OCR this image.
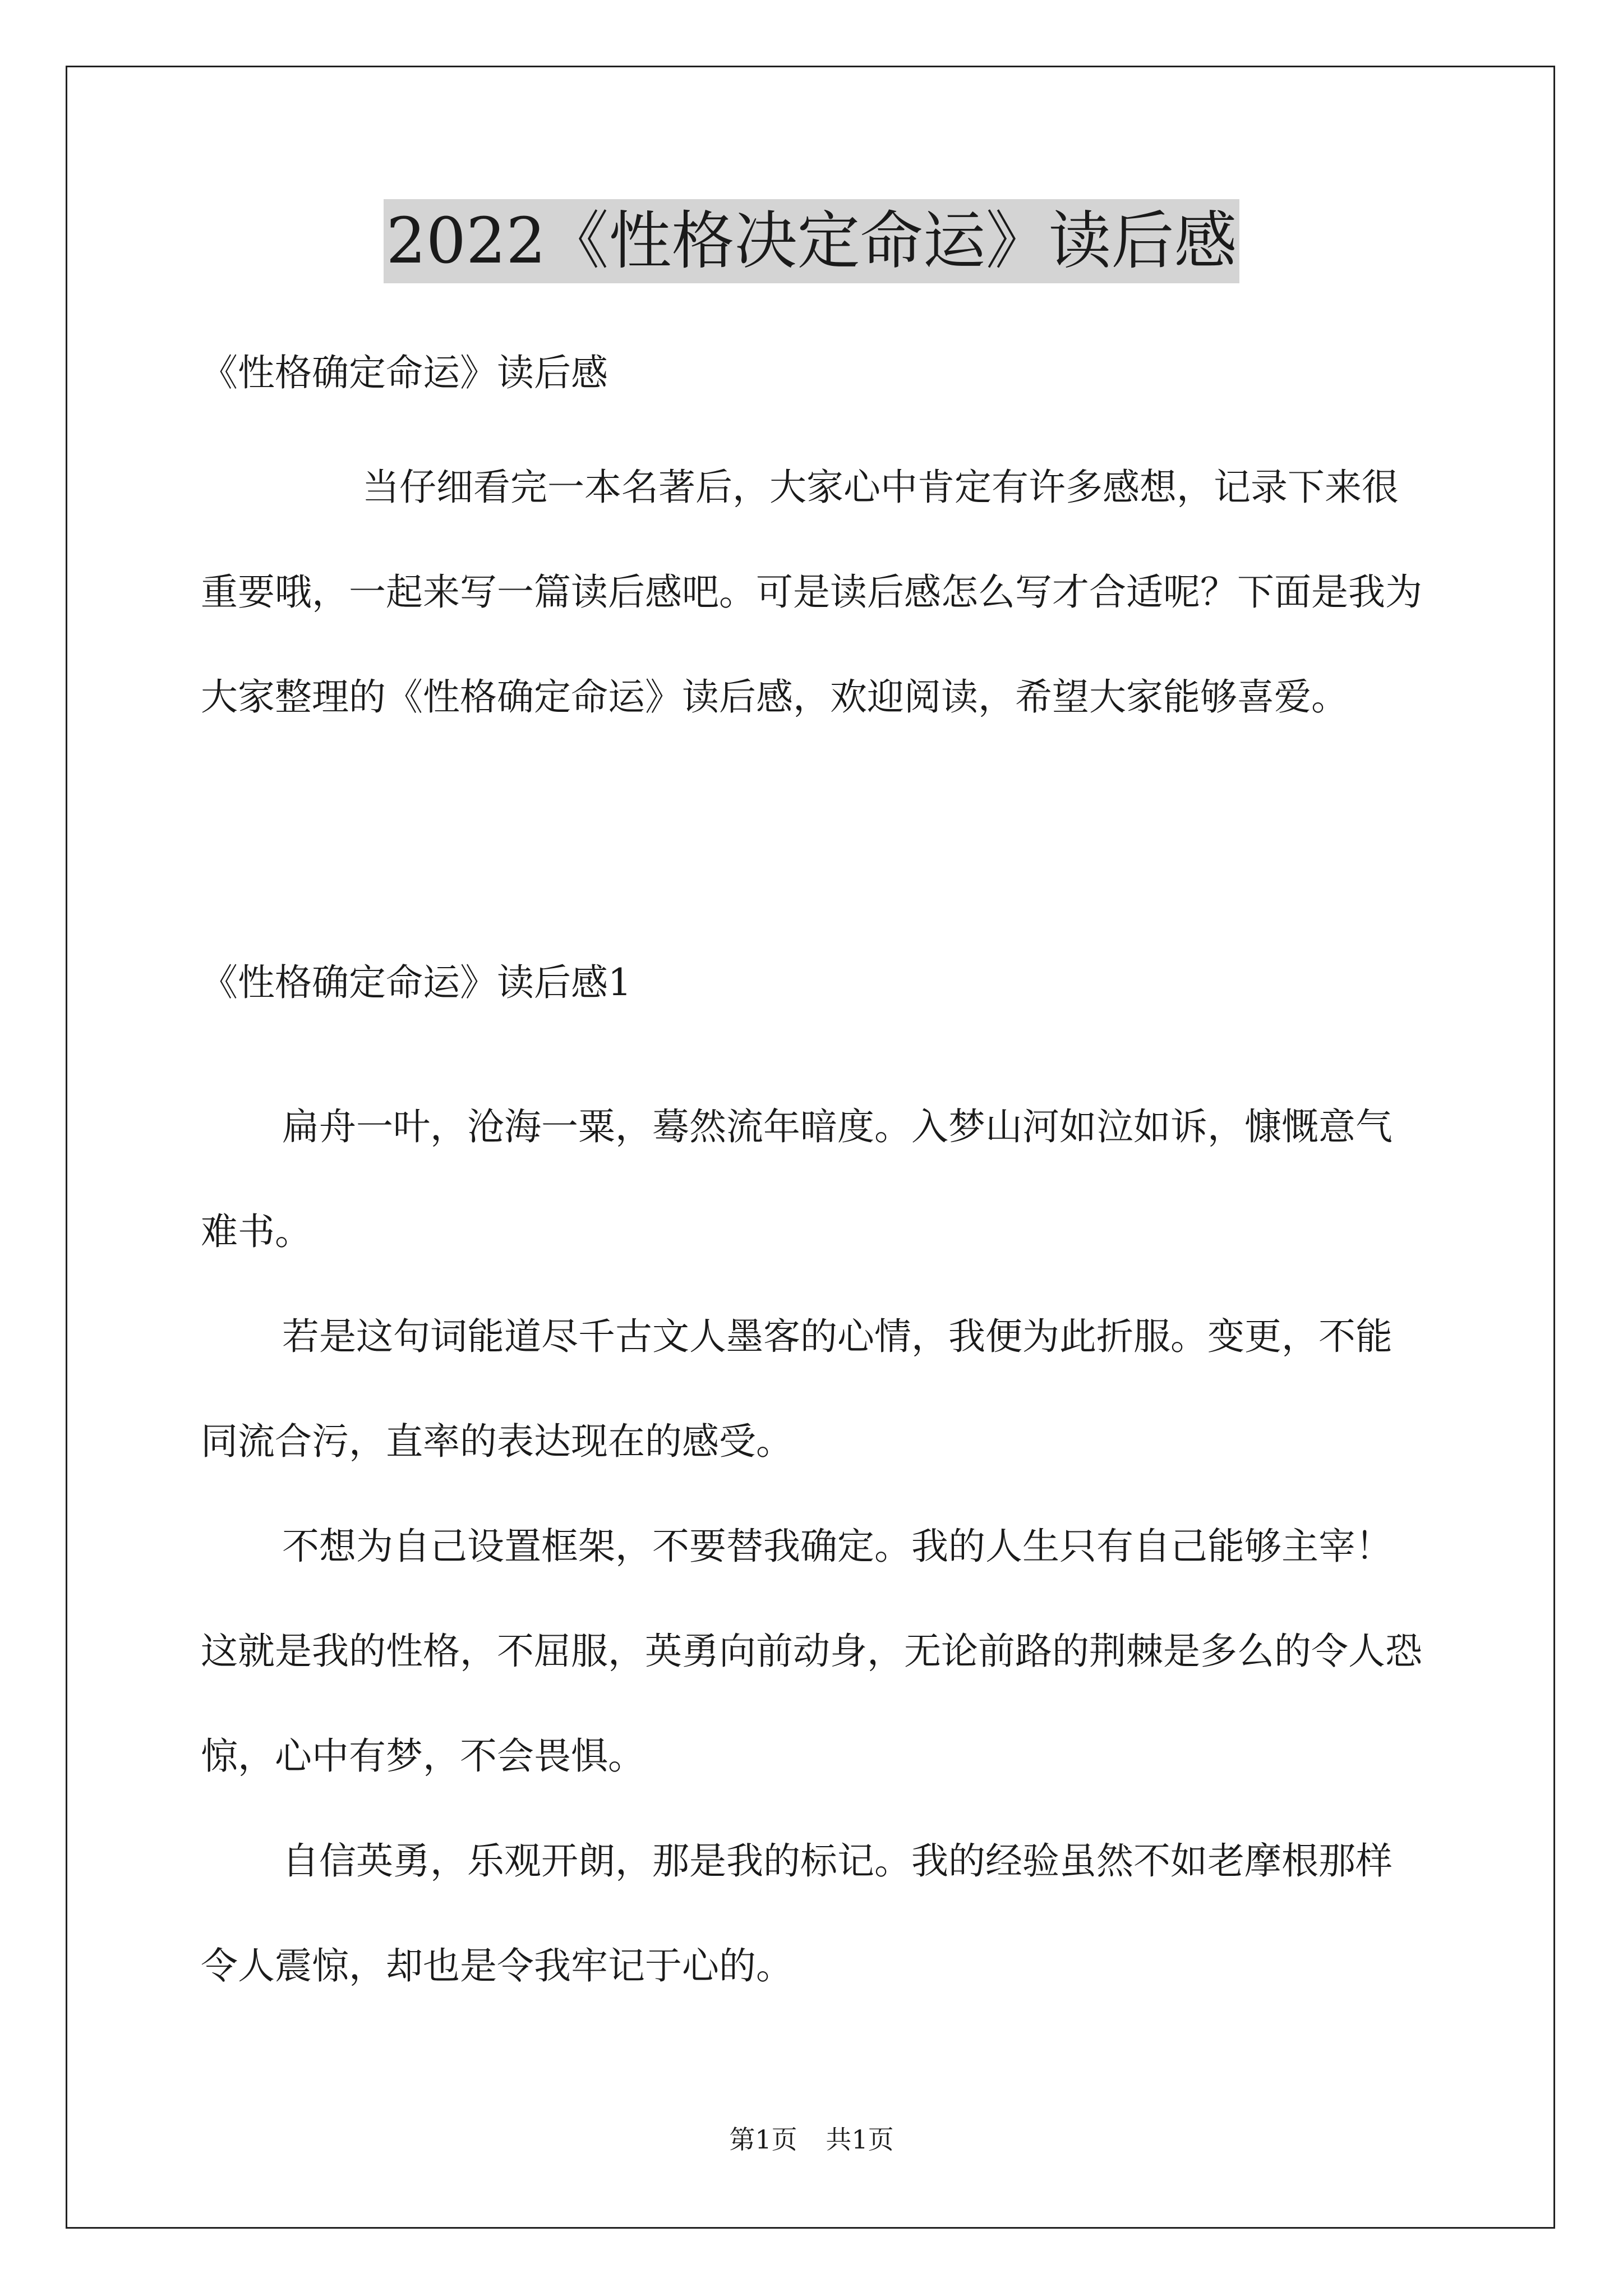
2022《性格决定命运》读后感

《性格确定命运》读后感

当仔细看完一本名著后，大家心中肯定有许多感想，记录下来很重要哦，一起来写一篇读后感吧。可是读后感怎么写才合适呢？下面是我为大家整理的《性格确定命运》读后感，欢迎阅读，希望大家能够喜爱。

《性格确定命运》读后感1

扁舟一叶，沧海一粟，蓦然流年暗度。入梦山河如泣如诉，慷慨意气难书。

若是这句词能道尽千古文人墨客的心情，我便为此折服。变更，不能同流合污，直率的表达现在的感受。

不想为自己设置框架，不要替我确定。我的人生只有自己能够主宰！这就是我的性格，不屈服，英勇向前动身，无论前路的荆棘是多么的令人恐惊，心中有梦，不会畏惧。

自信英勇，乐观开朗，那是我的标记。我的经验虽然不如老摩根那样令人震惊，却也是令我牢记于心的。

第1页 共1页
